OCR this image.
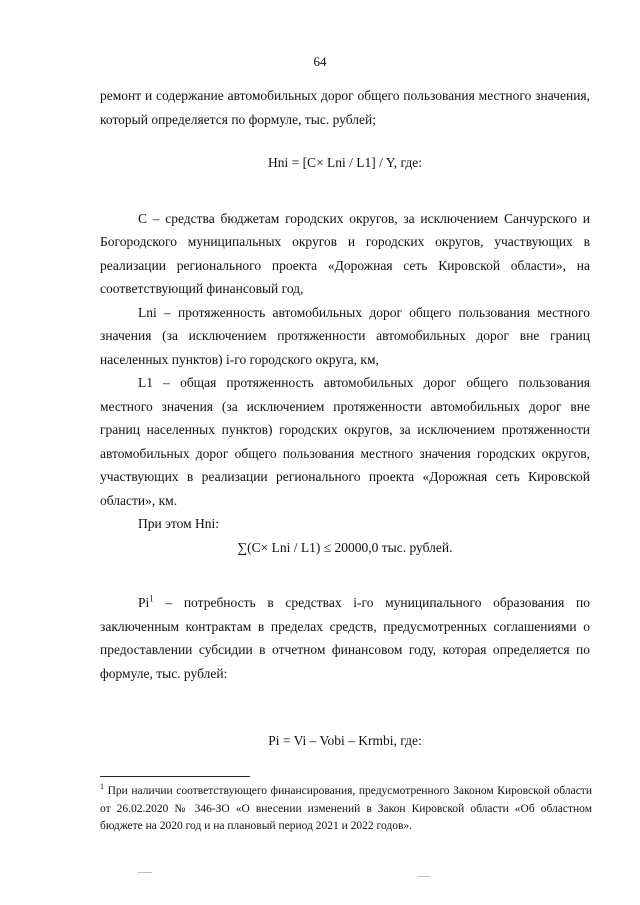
64

ремонт и содержание автомобильных дорог общего пользования местного значения, который определяется по формуле, тыс. рублей;

Hni = [C× Lni / L1] / Y, где:

С – средства бюджетам городских округов, за исключением Санчурского и Богородского муниципальных округов и городских округов, участвующих в реализации регионального проекта «Дорожная сеть Кировской области», на соответствующий финансовый год,

Lni – протяженность автомобильных дорог общего пользования местного значения (за исключением протяженности автомобильных дорог вне границ населенных пунктов) i-го городского округа, км,

L1 – общая протяженность автомобильных дорог общего пользования местного значения (за исключением протяженности автомобильных дорог вне границ населенных пунктов) городских округов, за исключением протяженности автомобильных дорог общего пользования местного значения городских округов, участвующих в реализации регионального проекта «Дорожная сеть Кировской области», км.

При этом Hni:

∑(C× Lni / L1) ≤ 20000,0 тыс. рублей.

Pi$^1$ – потребность в средствах i-го муниципального образования по заключенным контрактам в пределах средств, предусмотренных соглашениями о предоставлении субсидии в отчетном финансовом году, которая определяется по формуле, тыс. рублей:

Pi = Vi – Vobi – Krmbi, где:

$^1$ При наличии соответствующего финансирования, предусмотренного Законом Кировской области от 26.02.2020 № 346-ЗО «О внесении изменений в Закон Кировской области «Об областном бюджете на 2020 год и на плановый период 2021 и 2022 годов».
